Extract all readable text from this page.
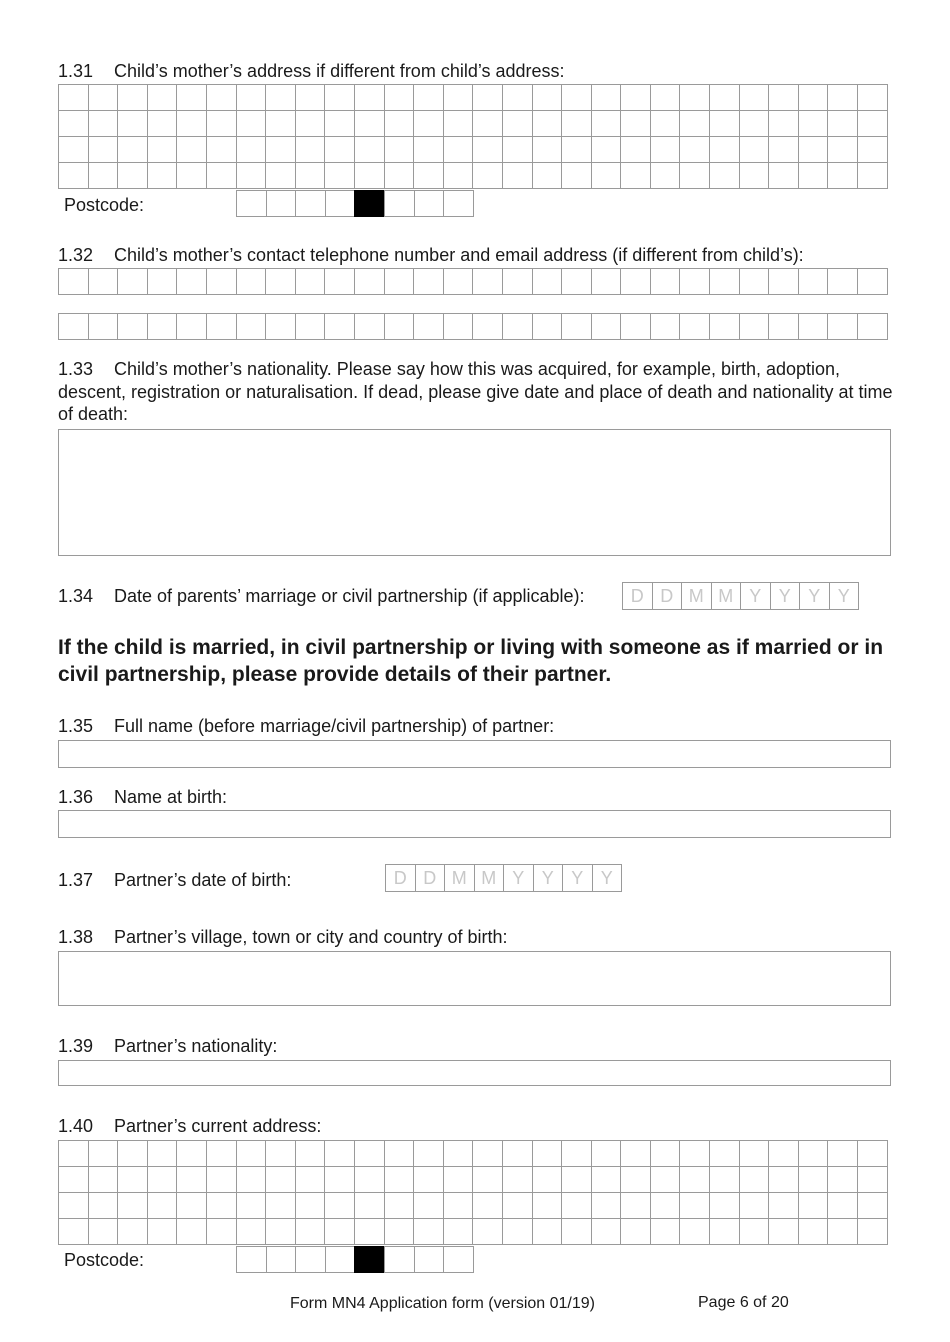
1.31 Child’s mother’s address if different from child’s address:
Postcode:
1.32 Child’s mother’s contact telephone number and email address (if different from child’s):
1.33 Child’s mother’s nationality. Please say how this was acquired, for example, birth, adoption, descent, registration or naturalisation. If dead, please give date and place of death and nationality at time of death:
1.34 Date of parents’ marriage or civil partnership (if applicable):	D D M M Y Y Y Y
If the child is married, in civil partnership or living with someone as if married or in civil partnership, please provide details of their partner.
1.35 Full name (before marriage/civil partnership) of partner:
1.36 Name at birth:
1.37 Partner’s date of birth:	D D M M Y Y Y Y
1.38 Partner’s village, town or city and country of birth:
1.39 Partner’s nationality:
1.40 Partner’s current address:
Postcode:
Form MN4 Application form (version 01/19)	Page 6 of 20
